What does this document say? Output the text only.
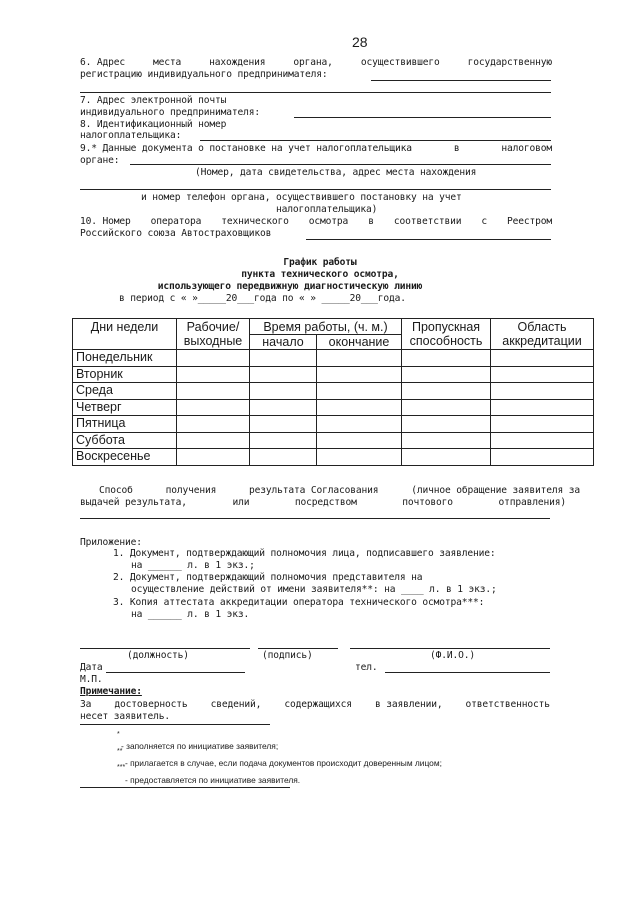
28
6. Адрес	места	нахождения	органа,	осуществившего	государственную
регистрацию индивидуального предпринимателя:
7. Адрес электронной почты
индивидуального предпринимателя:
8. Идентификационный номер
налогоплательщика:
9.* Данные документа о постановке на учет налогоплательщика	в	налоговом
органе:
(Номер, дата свидетельства, адрес места нахождения
и номер телефон органа, осуществившего постановку на учет
налогоплательщика)
10. Номер оператора технического осмотра в соответствии с Реестром
Российского союза Автостраховщиков
График работы
пункта технического осмотра,
использующего передвижную диагностическую линию
в период с « »_____20___года по « » _____20___года.
Дни недели	Рабочие/ выходные	Время работы, (ч. м.)		Пропускная способность	Область аккредитации
		начало	окончание		
Понедельник					
Вторник					
Среда					
Четверг					
Пятница					
Суббота					
Воскресенье					
Способ	получения	результата Согласования	(личное обращение заявителя за
выдачей результата,	или	посредством	почтового	отправления)
Приложение:
1. Документ, подтверждающий полномочия лица, подписавшего заявление:
на ______ л. в 1 экз.;
2. Документ, подтверждающий полномочия представителя на
осуществление действий от имени заявителя**: на ____ л. в 1 экз.;
3. Копия аттестата аккредитации оператора технического осмотра***:
на ______ л. в 1 экз.
(должность)	(подпись)	(Ф.И.О.)
Дата	тел.
М.П.
Примечание:
За достоверность сведений, содержащихся в заявлении, ответственность
несет заявитель.
*
- заполняется по инициативе заявителя;
**
- прилагается в случае, если подача документов происходит доверенным лицом;
***
- предоставляется по инициативе заявителя.
